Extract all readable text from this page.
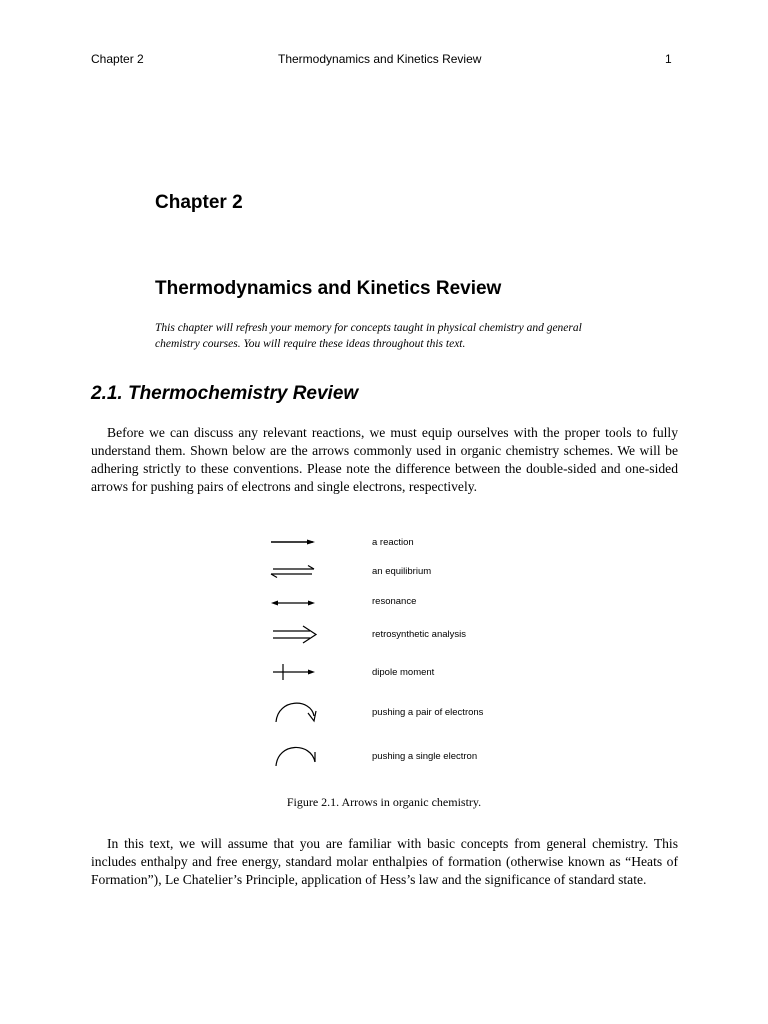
Chapter 2	Thermodynamics and Kinetics Review	1
Chapter 2
Thermodynamics and Kinetics Review
This chapter will refresh your memory for concepts taught in physical chemistry and general chemistry courses. You will require these ideas throughout this text.
2.1. Thermochemistry Review
Before we can discuss any relevant reactions, we must equip ourselves with the proper tools to fully understand them. Shown below are the arrows commonly used in organic chemistry schemes. We will be adhering strictly to these conventions. Please note the difference between the double-sided and one-sided arrows for pushing pairs of electrons and single electrons, respectively.
a reaction
an equilibrium
resonance
retrosynthetic analysis
dipole moment
pushing a pair of electrons
pushing a single electron
Figure 2.1. Arrows in organic chemistry.
In this text, we will assume that you are familiar with basic concepts from general chemistry. This includes enthalpy and free energy, standard molar enthalpies of formation (otherwise known as “Heats of Formation”), Le Chatelier’s Principle, application of Hess’s law and the significance of standard state.
